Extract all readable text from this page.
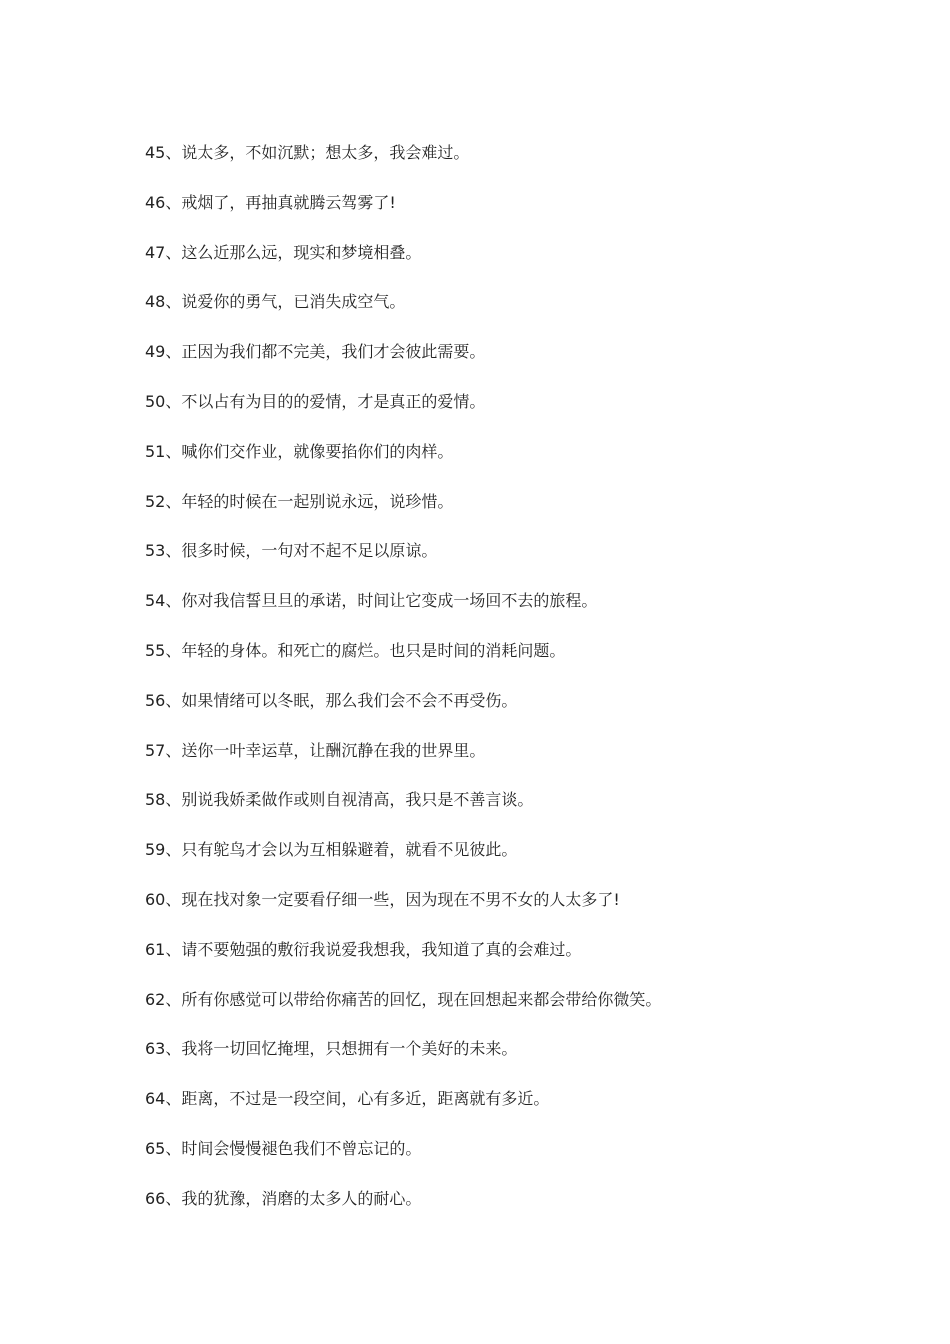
45、说太多，不如沉默；想太多，我会难过。
46、戒烟了，再抽真就腾云驾雾了!
47、这么近那么远，现实和梦境相叠。
48、说爱你的勇气，已消失成空气。
49、正因为我们都不完美，我们才会彼此需要。
50、不以占有为目的的爱情，才是真正的爱情。
51、喊你们交作业，就像要掐你们的肉样。
52、年轻的时候在一起别说永远，说珍惜。
53、很多时候，一句对不起不足以原谅。
54、你对我信誓旦旦的承诺，时间让它变成一场回不去的旅程。
55、年轻的身体。和死亡的腐烂。也只是时间的消耗问题。
56、如果情绪可以冬眠，那么我们会不会不再受伤。
57、送你一叶幸运草，让酬沉静在我的世界里。
58、别说我娇柔做作或则自视清高，我只是不善言谈。
59、只有鸵鸟才会以为互相躲避着，就看不见彼此。
60、现在找对象一定要看仔细一些，因为现在不男不女的人太多了!
61、请不要勉强的敷衍我说爱我想我，我知道了真的会难过。
62、所有你感觉可以带给你痛苦的回忆，现在回想起来都会带给你微笑。
63、我将一切回忆掩埋，只想拥有一个美好的未来。
64、距离，不过是一段空间，心有多近，距离就有多近。
65、时间会慢慢褪色我们不曾忘记的。
66、我的犹豫，消磨的太多人的耐心。
